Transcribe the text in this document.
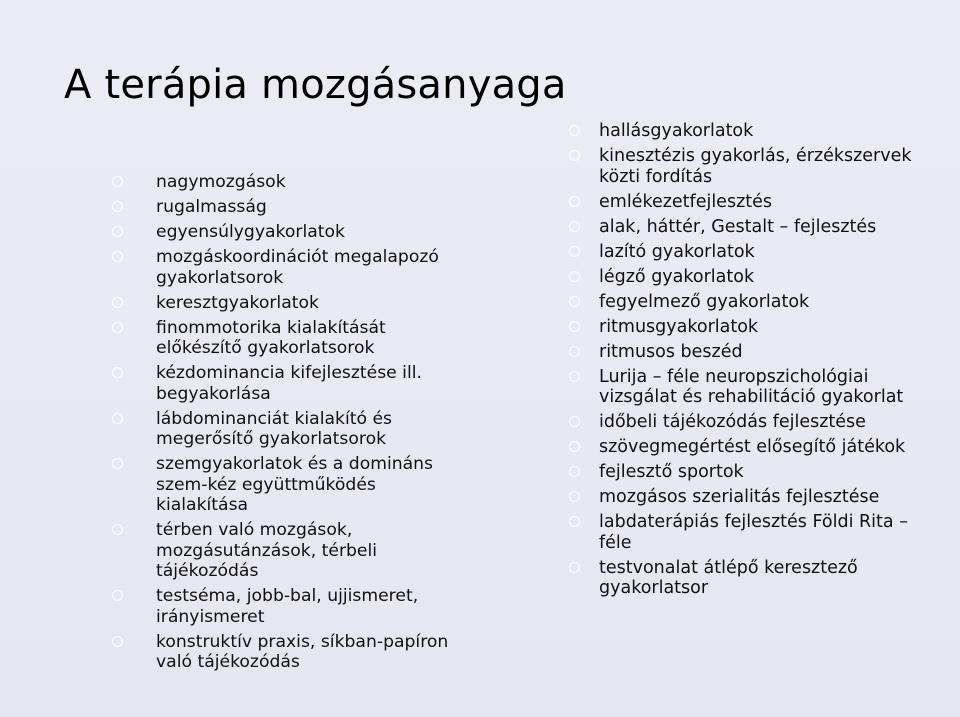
A terápia mozgásanyaga
nagymozgások
rugalmasság
egyensúlygyakorlatok
mozgáskoordinációt megalapozó gyakorlatsorok
keresztgyakorlatok
finommotorika kialakítását előkészítő gyakorlatsorok
kézdominancia kifejlesztése ill. begyakorlása
lábdominanciát kialakító és megerősítő gyakorlatsorok
szemgyakorlatok és a domináns szem-kéz együttműködés kialakítása
térben való mozgások, mozgásutánzások, térbeli tájékozódás
testséma, jobb-bal, ujjismeret, irányismeret
konstruktív praxis, síkban-papíron való tájékozódás
hallásgyakorlatok
kinesztézis gyakorlás, érzékszervek közti fordítás
emlékezetfejlesztés
alak, háttér, Gestalt – fejlesztés
lazító gyakorlatok
légző gyakorlatok
fegyelmező gyakorlatok
ritmusgyakorlatok
ritmusos beszéd
Lurija – féle neuropszichológiai vizsgálat és rehabilitáció gyakorlat
időbeli tájékozódás fejlesztése
szövegmegértést elősegítő játékok
fejlesztő sportok
mozgásos szerialitás fejlesztése
labdaterápiás fejlesztés Földi Rita – féle
testvonalat átlépő keresztező gyakorlatsor
